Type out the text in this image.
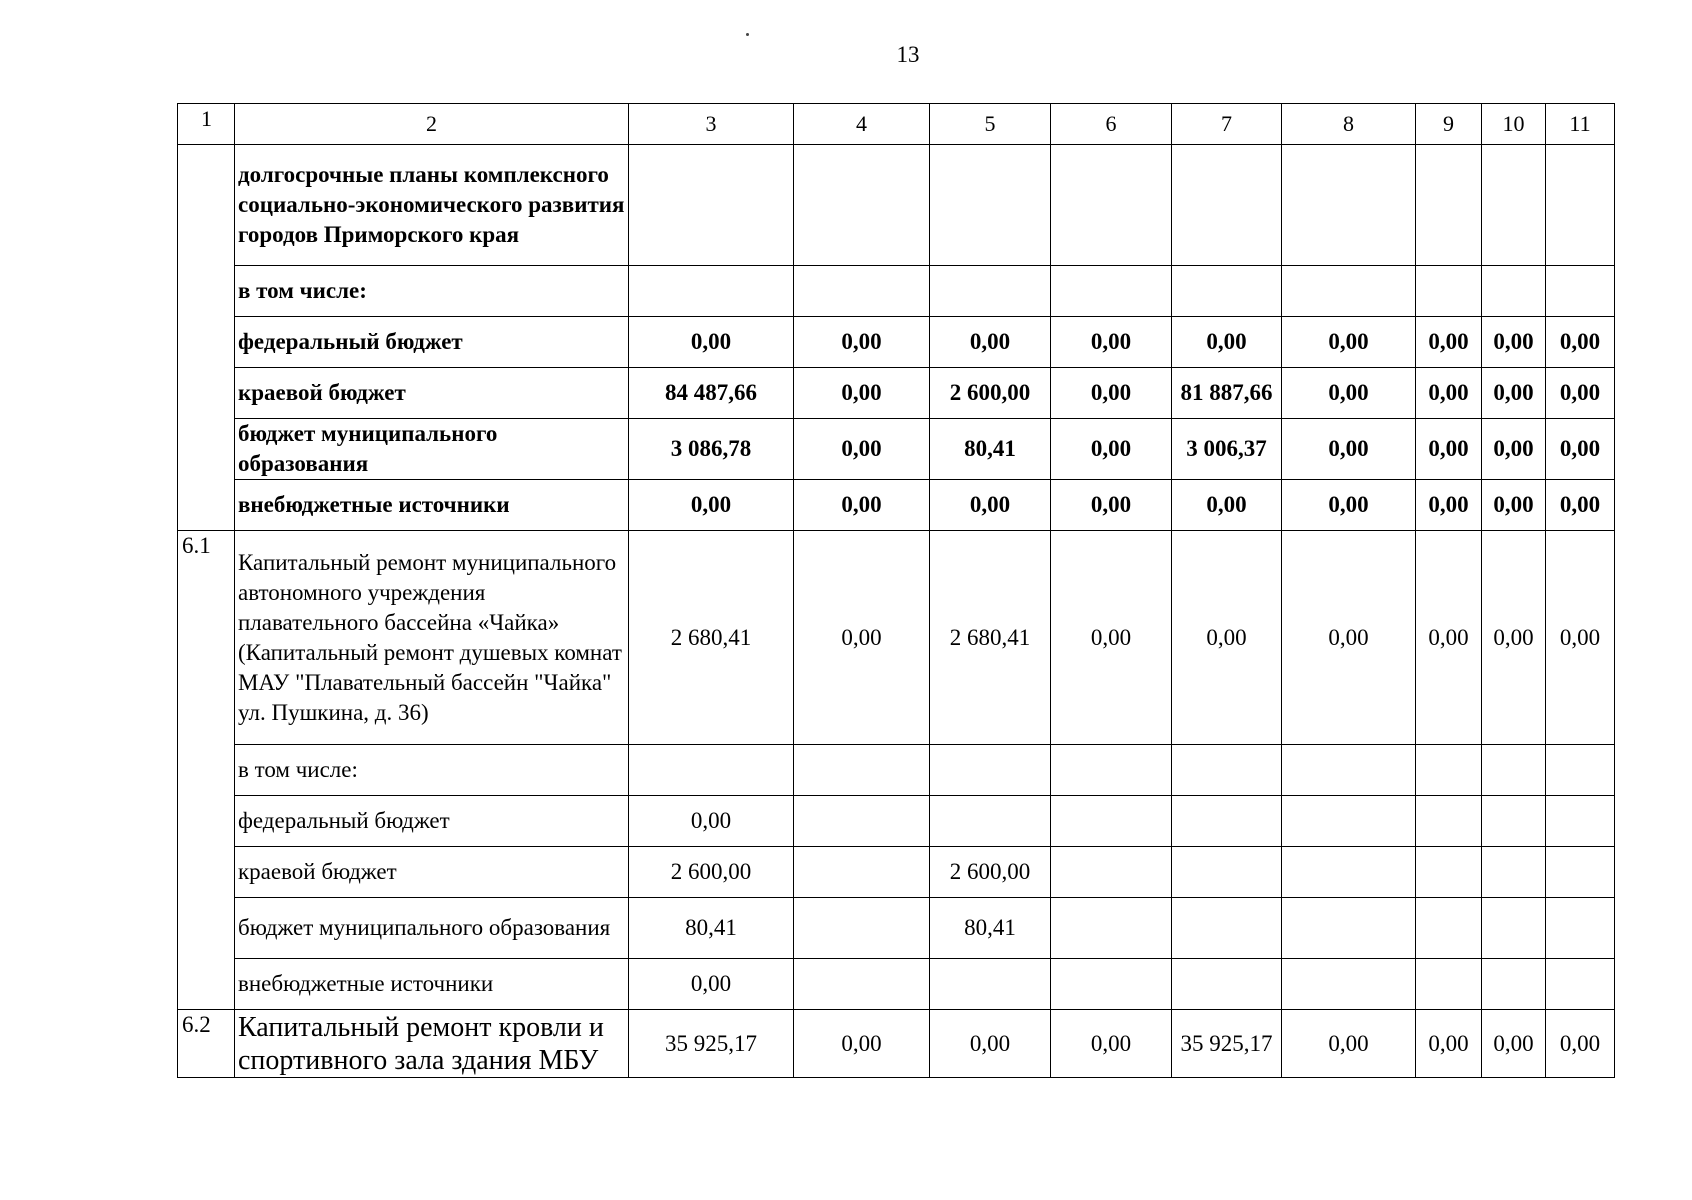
13
1	2	3	4	5	6	7	8	9	10	11
	долгосрочные планы комплексного социально-экономического развития городов Приморского края									
	в том числе:									
	федеральный бюджет	0,00	0,00	0,00	0,00	0,00	0,00	0,00	0,00	0,00
	краевой бюджет	84 487,66	0,00	2 600,00	0,00	81 887,66	0,00	0,00	0,00	0,00
	бюджет муниципального образования	3 086,78	0,00	80,41	0,00	3 006,37	0,00	0,00	0,00	0,00
	внебюджетные источники	0,00	0,00	0,00	0,00	0,00	0,00	0,00	0,00	0,00
6.1	Капитальный ремонт муниципального автономного учреждения плавательного бассейна «Чайка» (Капитальный ремонт душевых комнат МАУ "Плавательный бассейн "Чайка" ул. Пушкина, д. 36)	2 680,41	0,00	2 680,41	0,00	0,00	0,00	0,00	0,00	0,00
	в том числе:									
	федеральный бюджет	0,00								
	краевой бюджет	2 600,00		2 600,00						
	бюджет муниципального образования	80,41		80,41						
	внебюджетные источники	0,00								
6.2	Капитальный ремонт кровли и спортивного зала здания МБУ	35 925,17	0,00	0,00	0,00	35 925,17	0,00	0,00	0,00	0,00
